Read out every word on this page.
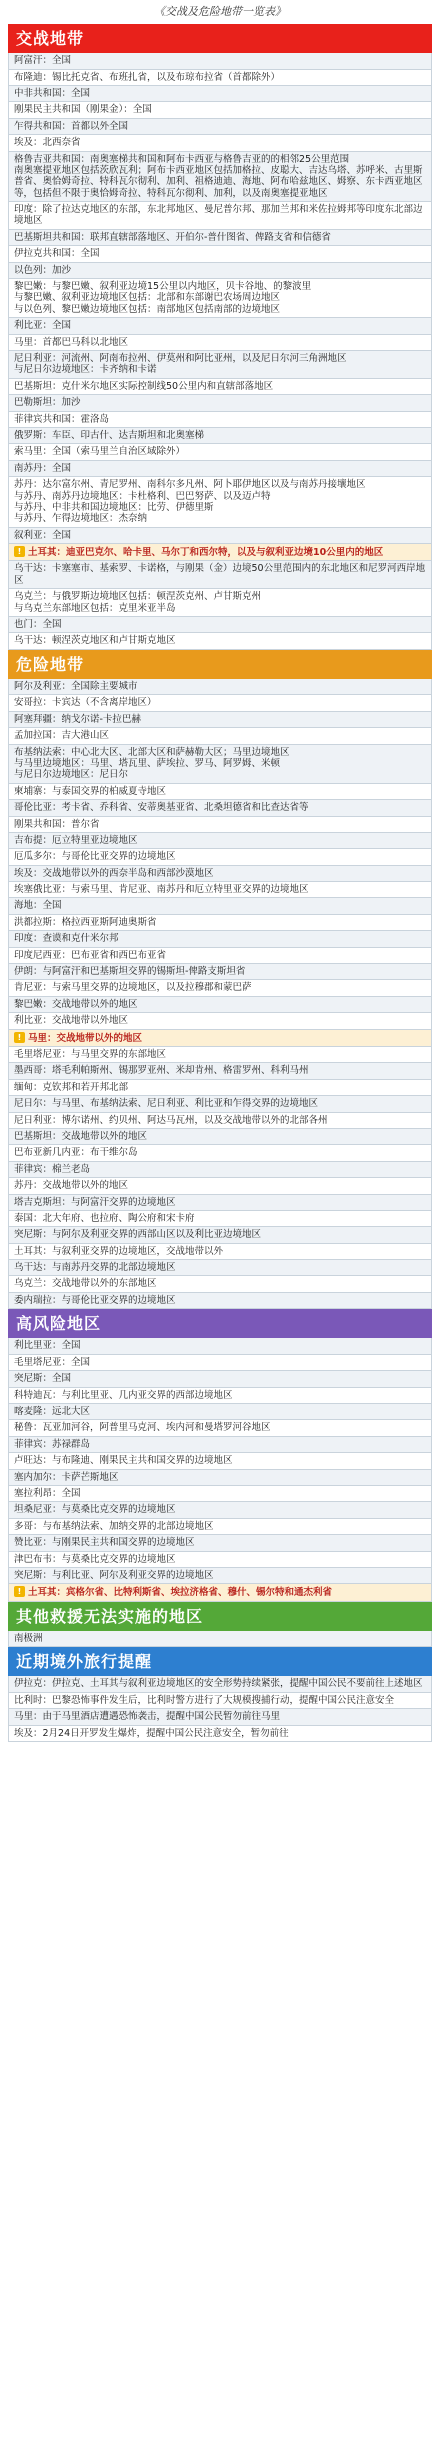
《交战及危险地带一览表》
交战地带
阿富汗：全国
布隆迪：锡比托克省、布班扎省，以及布琼布拉省（首都除外）
中非共和国：全国
刚果民主共和国（刚果金）：全国
乍得共和国：首都以外全国
埃及：北西奈省
格鲁吉亚共和国：南奥塞梯共和国和阿布卡西亚与格鲁吉亚的的相邻25公里范围
南奥塞提亚地区包括茨欣瓦利；阿布卡西亚地区包括加格拉、皮聪大、吉达乌塔、苏呼米、古里斯普省、奥恰姆奇拉、特科瓦尔彻利、加利、祖格迪迪、海地、阿布哈兹地区、姆察、东卡西亚地区等，包括但不限于奥恰姆奇拉、特科瓦尔彻利、加利，以及南奥塞提亚地区
印度：除了拉达克地区的东部，东北邦地区、曼尼普尔邦、那加兰邦和米佐拉姆邦等印度东北部边境地区
巴基斯坦共和国：联邦直辖部落地区、开伯尔-普什图省、俾路支省和信德省
伊拉克共和国：全国
以色列：加沙
黎巴嫩：与黎巴嫩、叙利亚边境15公里以内地区，贝卡谷地、的黎波里
与黎巴嫩、叙利亚边境地区包括：北部和东部谢巴农场周边地区
与以色列、黎巴嫩边境地区包括：南部地区包括南部的边境地区
利比亚：全国
马里：首都巴马科以北地区
尼日利亚：河流州、阿南布拉州、伊莫州和阿比亚州，以及尼日尔河三角洲地区
与尼日尔边境地区：卡齐纳和卡诺
巴基斯坦：克什米尔地区实际控制线50公里内和直辖部落地区
巴勒斯坦：加沙
菲律宾共和国：霍洛岛
俄罗斯：车臣、印古什、达吉斯坦和北奥塞梯
索马里：全国（索马里兰自治区域除外）
南苏丹：全国
苏丹：达尔富尔州、青尼罗州、南科尔多凡州、阿卜耶伊地区以及与南苏丹接壤地区
与苏丹、南苏丹边境地区：卡杜格利、巴巴努萨、以及迈卢特
与苏丹、中非共和国边境地区：比劳、伊德里斯
与苏丹、乍得边境地区：杰奈纳
叙利亚：全国
! 土耳其：迪亚巴克尔、哈卡里、马尔丁和西尔特，以及与叙利亚边境10公里内的地区
乌干达：卡塞塞市、基索罗、卡诺格，与刚果（金）边境50公里范围内的东北地区和尼罗河西岸地区
乌克兰：与俄罗斯边境地区包括：顿涅茨克州、卢甘斯克州
与乌克兰东部地区包括：克里米亚半岛
也门：全国
乌干达：顿涅茨克地区和卢甘斯克地区
危险地带
阿尔及利亚：全国除主要城市
安哥拉：卡宾达（不含离岸地区）
阿塞拜疆：纳戈尔诺-卡拉巴赫
孟加拉国：吉大港山区
布基纳法索：中心北大区、北部大区和萨赫勒大区；马里边境地区
与马里边境地区：马里、塔瓦里、萨埃拉、罗马、阿罗姆、米顿
与尼日尔边境地区：尼日尔
柬埔寨：与泰国交界的柏威夏寺地区
哥伦比亚：考卡省、乔科省、安蒂奥基亚省、北桑坦德省和比查达省等
刚果共和国：普尔省
吉布提：厄立特里亚边境地区
厄瓜多尔：与哥伦比亚交界的边境地区
埃及：交战地带以外的西奈半岛和西部沙漠地区
埃塞俄比亚：与索马里、肯尼亚、南苏丹和厄立特里亚交界的边境地区
海地：全国
洪都拉斯：格拉西亚斯阿迪奥斯省
印度：查谟和克什米尔邦
印度尼西亚：巴布亚省和西巴布亚省
伊朗：与阿富汗和巴基斯坦交界的锡斯坦-俾路支斯坦省
肯尼亚：与索马里交界的边境地区，以及拉穆郡和蒙巴萨
黎巴嫩：交战地带以外的地区
利比亚：交战地带以外地区
! 马里：交战地带以外的地区
毛里塔尼亚：与马里交界的东部地区
墨西哥：塔毛利帕斯州、锡那罗亚州、米却肯州、格雷罗州、科利马州
缅甸：克钦邦和若开邦北部
尼日尔：与马里、布基纳法索、尼日利亚、利比亚和乍得交界的边境地区
尼日利亚：博尔诺州、约贝州、阿达马瓦州，以及交战地带以外的北部各州
巴基斯坦：交战地带以外的地区
巴布亚新几内亚：布干维尔岛
菲律宾：棉兰老岛
苏丹：交战地带以外的地区
塔吉克斯坦：与阿富汗交界的边境地区
泰国：北大年府、也拉府、陶公府和宋卡府
突尼斯：与阿尔及利亚交界的西部山区以及利比亚边境地区
土耳其：与叙利亚交界的边境地区，交战地带以外
乌干达：与南苏丹交界的北部边境地区
乌克兰：交战地带以外的东部地区
委内瑞拉：与哥伦比亚交界的边境地区
高风险地区
利比里亚：全国
毛里塔尼亚：全国
突尼斯：全国
科特迪瓦：与利比里亚、几内亚交界的西部边境地区
喀麦隆：远北大区
秘鲁：瓦亚加河谷，阿普里马克河、埃内河和曼塔罗河谷地区
菲律宾：苏禄群岛
卢旺达：与布隆迪、刚果民主共和国交界的边境地区
塞内加尔：卡萨芒斯地区
塞拉利昂：全国
坦桑尼亚：与莫桑比克交界的边境地区
多哥：与布基纳法索、加纳交界的北部边境地区
赞比亚：与刚果民主共和国交界的边境地区
津巴布韦：与莫桑比克交界的边境地区
突尼斯：与利比亚、阿尔及利亚交界的边境地区
! 土耳其：宾格尔省、比特利斯省、埃拉济格省、穆什、锡尔特和通杰利省
其他救援无法实施的地区
南极洲
近期境外旅行提醒
伊拉克：伊拉克、土耳其与叙利亚边境地区的安全形势持续紧张，提醒中国公民不要前往上述地区
比利时：巴黎恐怖事件发生后，比利时警方进行了大规模搜捕行动，提醒中国公民注意安全
马里：由于马里酒店遭遇恐怖袭击，提醒中国公民暂勿前往马里
埃及：2月24日开罗发生爆炸，提醒中国公民注意安全，暂勿前往
